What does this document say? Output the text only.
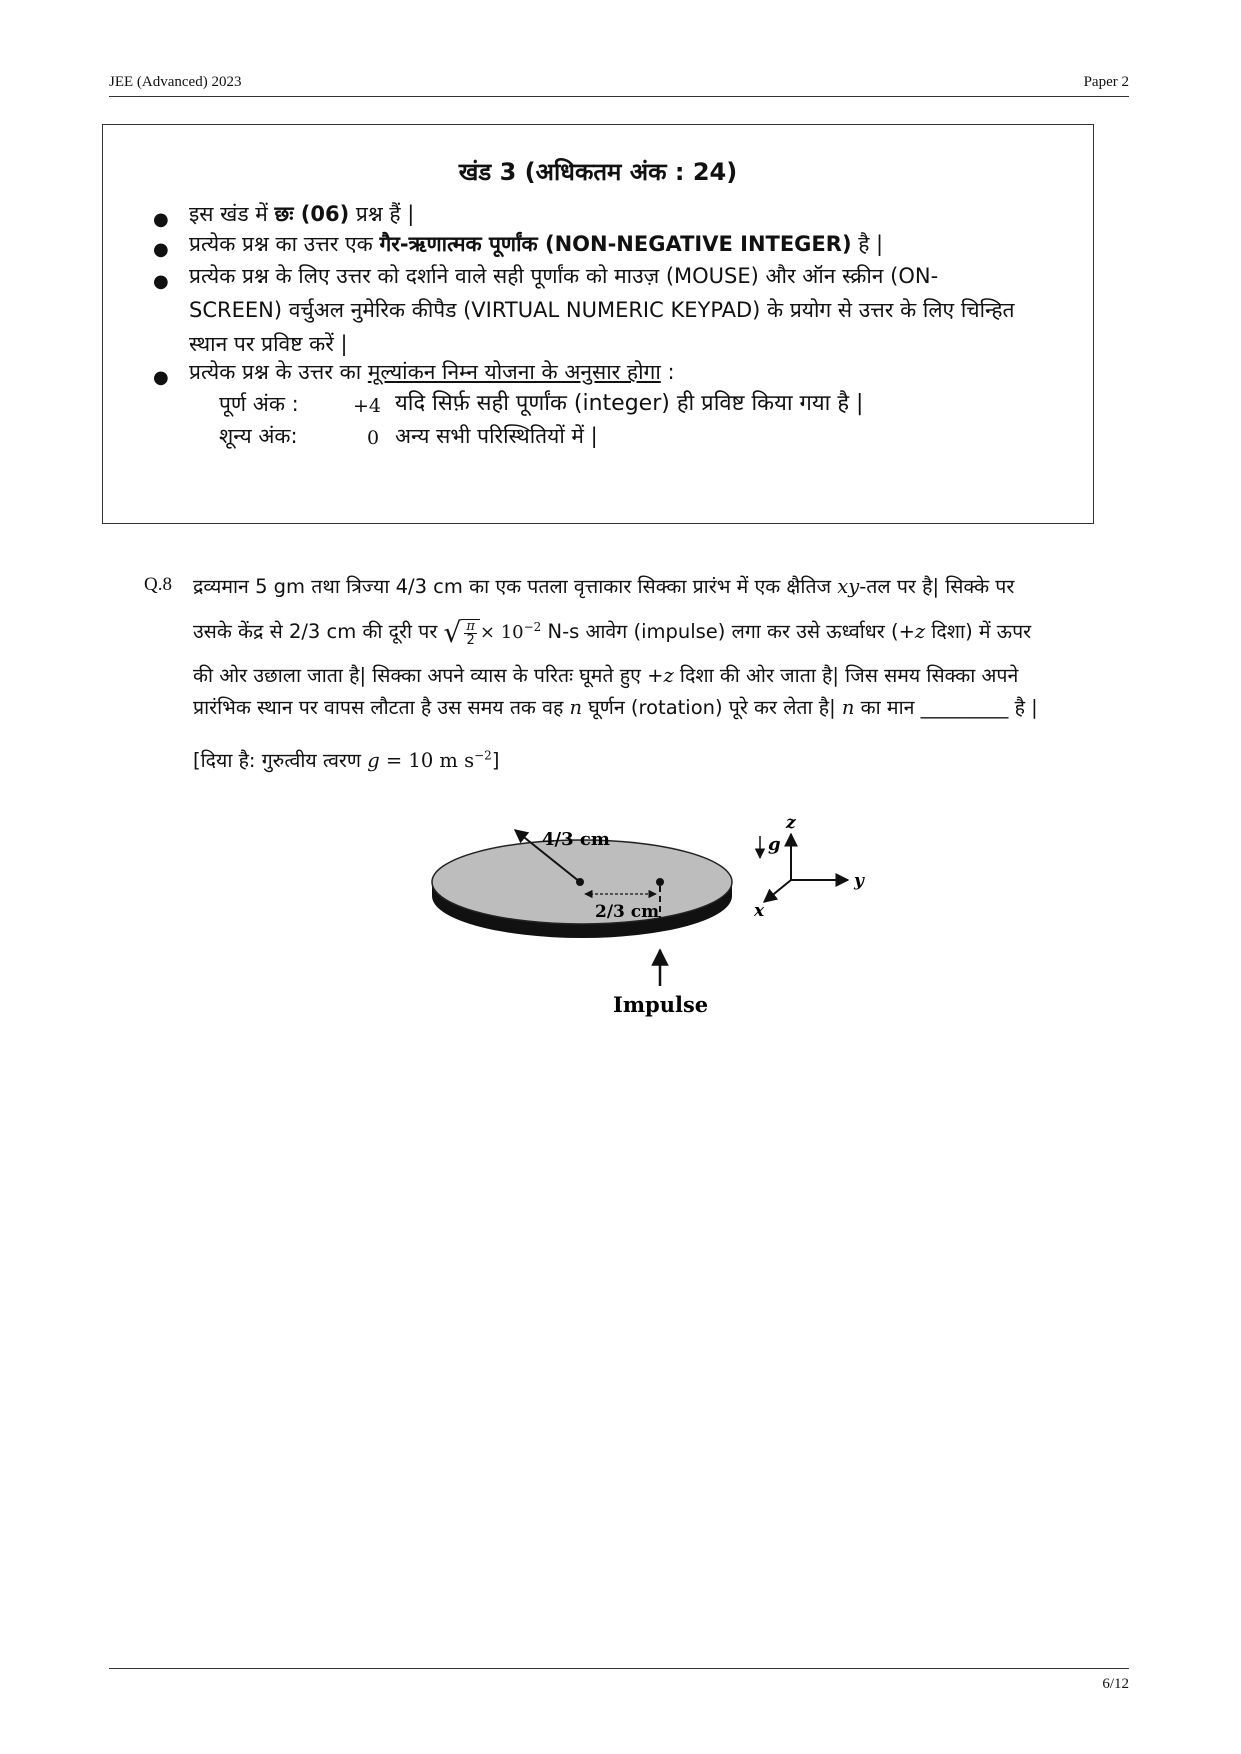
JEE (Advanced) 2023	Paper 2
खंड 3 (अधिकतम अंक : 24)
● इस खंड में छः (06) प्रश्न हैं |
● प्रत्येक प्रश्न का उत्तर एक गैर-ऋणात्मक पूर्णांक (NON-NEGATIVE INTEGER) है |
● प्रत्येक प्रश्न के लिए उत्तर को दर्शाने वाले सही पूर्णांक को माउज़ (MOUSE) और ऑन स्क्रीन (ON-
SCREEN) वर्चुअल नुमेरिक कीपैड (VIRTUAL NUMERIC KEYPAD) के प्रयोग से उत्तर के लिए चिन्हित
स्थान पर प्रविष्ट करें |
● प्रत्येक प्रश्न के उत्तर का मूल्यांकन निम्न योजना के अनुसार होगा :
पूर्ण अंक :	+4 यदि सिर्फ़ सही पूर्णांक (integer) ही प्रविष्ट किया गया है |
शून्य अंक:	0 अन्य सभी परिस्थितियों में |
Q.8 द्रव्यमान 5 gm तथा त्रिज्या 4/3 cm का एक पतला वृत्ताकार सिक्का प्रारंभ में एक क्षैतिज xy-तल पर है| सिक्के पर
उसके केंद्र से 2/3 cm की दूरी पर √ $\frac{\pi}{2} \times 10^{-2}$ N-s आवेग (impulse) लगा कर उसे ऊर्ध्वाधर (+z दिशा) में ऊपर
की ओर उछाला जाता है| सिक्का अपने व्यास के परितः घूमते हुए +z दिशा की ओर जाता है| जिस समय सिक्का अपने
प्रारंभिक स्थान पर वापस लौटता है उस समय तक वह n घूर्णन (rotation) पूरे कर लेता है| n का मान _________ है |
[दिया है: गुरुत्वीय त्वरण g = 10 m $s^{-2}$]
4/3 cm
2/3 cm
Impulse
g
z
y
x
6/12
